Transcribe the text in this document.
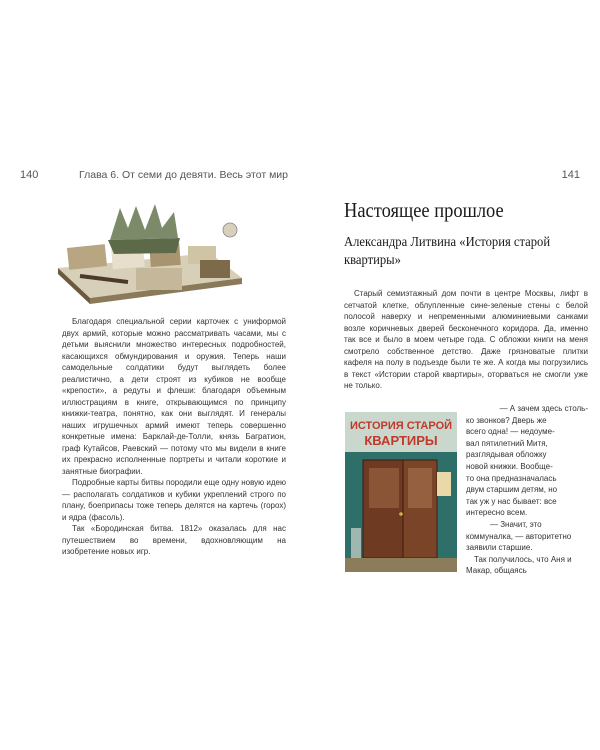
140	Глава 6. От семи до девяти. Весь этот мир

Благодаря специальной серии карточек с униформой двух армий, которые можно рассматривать часами, мы с детьми выяснили множество интересных подробностей, касающихся обмундирования и оружия. Теперь наши самодельные солдатики будут выглядеть более реалистично, а дети строят из кубиков не вообще «крепости», а редуты и флеши: благодаря объемным иллюстрациям в книге, открывающимся по принципу книжки-театра, понятно, как они выглядят. И генералы наших игрушечных армий имеют теперь совершенно конкретные имена: Барклай-де-Толли, князь Багратион, граф Кутайсов, Раевский — потому что мы видели в книге их прекрасно исполненные портреты и читали короткие и занятные биографии.

Подробные карты битвы породили еще одну новую идею — располагать солдатиков и кубики укреплений строго по плану, боеприпасы тоже теперь делятся на картечь (горох) и ядра (фасоль).

Так «Бородинская битва. 1812» оказалась для нас путешествием во времени, вдохновляющим на изобретение новых игр.

141
Настоящее прошлое
Александра Литвина «История старой квартиры»

Старый семиэтажный дом почти в центре Москвы, лифт в сетчатой клетке, облупленные сине-зеленые стены с белой полосой наверху и непременными алюминиевыми санками возле коричневых дверей бесконечного коридора. Да, именно так все и было в моем четыре года. С обложки книги на меня смотрело собственное детство. Даже грязноватые плитки кафеля на полу в подъезде были те же. А когда мы погрузились в текст «Истории старой квартиры», оторваться не смогли уже не только.

ИСТОРИЯ СТАРОЙ
КВАРТИРЫ

— А зачем здесь столь-

ко звонков? Дверь же

всего одна! — недоуме-

вал пятилетний Митя,

разглядывая обложку

новой книжки. Вообще-

то она предназначалась

двум старшим детям, но

так уж у нас бывает: все

интересно всем.

— Значит, это коммуналка, — авторитетно заявили старшие.

Так получилось, что Аня и Макар, общаясь
